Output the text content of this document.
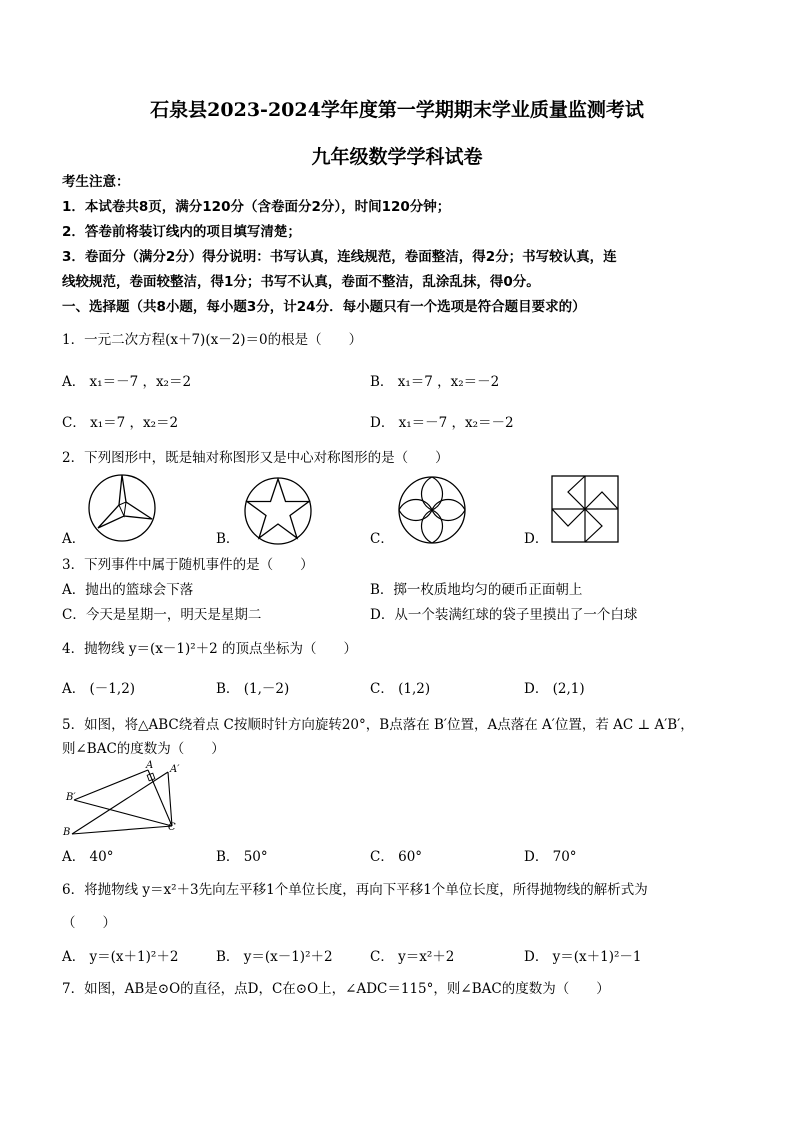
石泉县2023-2024学年度第一学期期末学业质量监测考试
九年级数学学科试卷
考生注意：
1．本试卷共8页，满分120分（含卷面分2分），时间120分钟；
2．答卷前将装订线内的项目填写清楚；
3．卷面分（满分2分）得分说明：书写认真，连线规范，卷面整洁，得2分；书写较认真，连
线较规范，卷面较整洁，得1分；书写不认真，卷面不整洁，乱涂乱抹，得0分。
一、选择题（共8小题，每小题3分，计24分．每小题只有一个选项是符合题目要求的）
1．一元二次方程(x＋7)(x－2)＝0的根是（　　）
A． x₁＝－7 ，x₂＝2	B． x₁＝7 ，x₂＝－2
C． x₁＝7 ，x₂＝2	D． x₁＝－7 ，x₂＝－2
2．下列图形中，既是轴对称图形又是中心对称图形的是（　　）
A．	B．	C．	D．
3．下列事件中属于随机事件的是（　　）
A．抛出的篮球会下落	B．掷一枚质地均匀的硬币正面朝上
C．今天是星期一，明天是星期二	D．从一个装满红球的袋子里摸出了一个白球
4．抛物线 y＝(x－1)²＋2 的顶点坐标为（　　）
A． (－1,2)	B． (1,－2)	C． (1,2)	D． (2,1)
5．如图，将△ABC绕着点 C按顺时针方向旋转20°，B点落在 B′位置，A点落在 A′位置，若 AC ⊥ A′B′，
则∠BAC的度数为（　　）
A A′
B′
B	C
A． 40°	B． 50°	C． 60°	D． 70°
6．将抛物线 y＝x²＋3先向左平移1个单位长度，再向下平移1个单位长度，所得抛物线的解析式为
（　　）
A． y＝(x＋1)²＋2	B． y＝(x－1)²＋2	C． y＝x²＋2	D． y＝(x＋1)²－1
7．如图，AB是⊙O的直径，点D，C在⊙O上，∠ADC＝115°，则∠BAC的度数为（　　）
